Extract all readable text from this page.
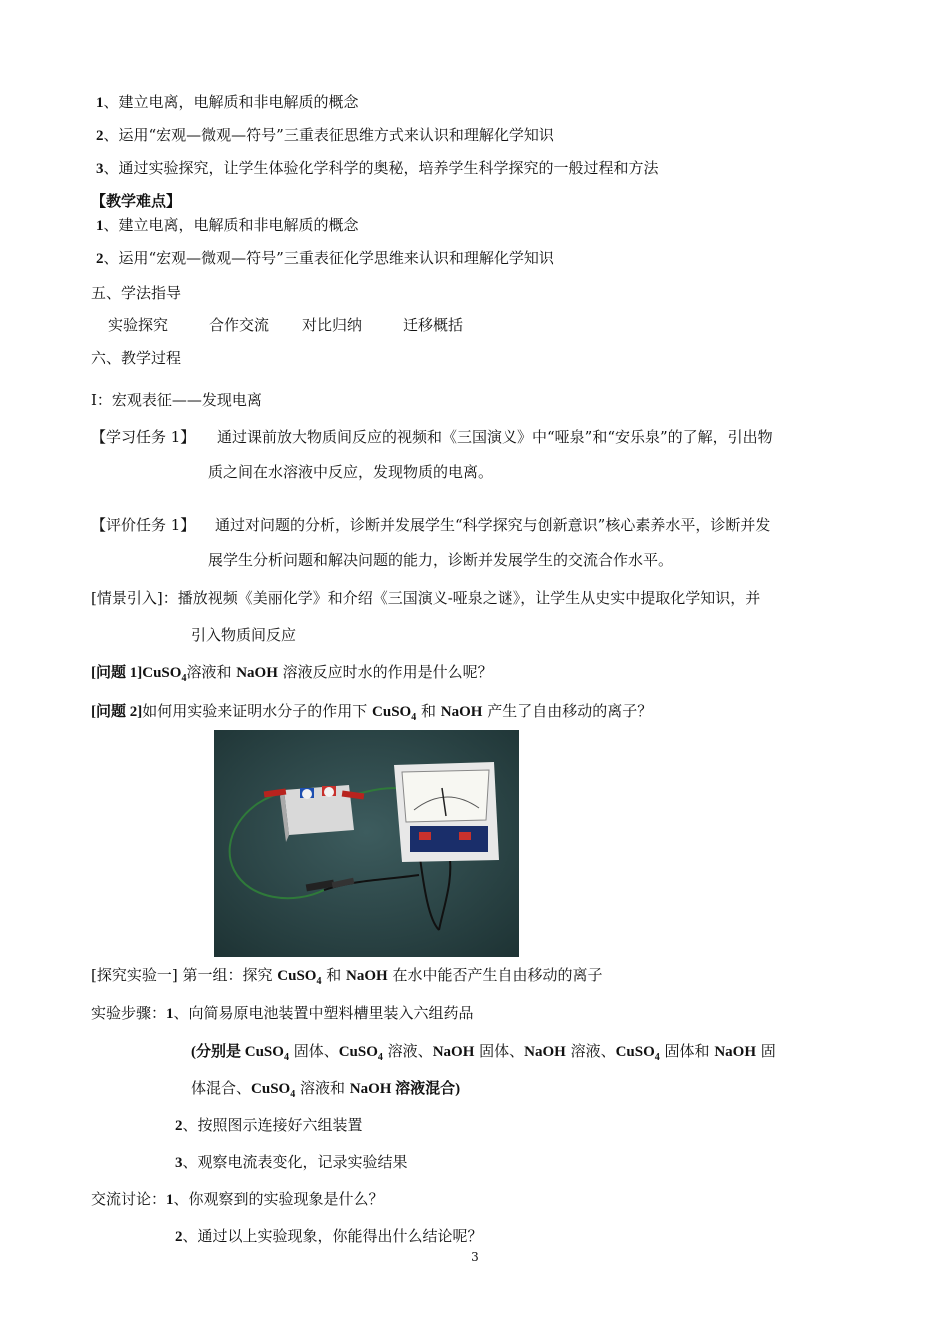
1、建立电离，电解质和非电解质的概念
2、运用“宏观—微观—符号”三重表征思维方式来认识和理解化学知识
3、通过实验探究，让学生体验化学科学的奥秘，培养学生科学探究的一般过程和方法
【教学难点】
1、建立电离，电解质和非电解质的概念
2、运用“宏观—微观—符号”三重表征化学思维来认识和理解化学知识
五、学法指导
实验探究	合作交流 对比归纳	迁移概括
六、教学过程
Ⅰ：宏观表征——发现电离
【学习任务 1】 通过课前放大物质间反应的视频和《三国演义》中“哑泉”和“安乐泉”的了解，引出物
质之间在水溶液中反应，发现物质的电离。
【评价任务 1】 通过对问题的分析，诊断并发展学生“科学探究与创新意识”核心素养水平，诊断并发
展学生分析问题和解决问题的能力，诊断并发展学生的交流合作水平。
[情景引入]：播放视频《美丽化学》和介绍《三国演义-哑泉之谜》，让学生从史实中提取化学知识，并
引入物质间反应
[问题 1]CuSO$_4$溶液和 NaOH 溶液反应时水的作用是什么呢？
[问题 2]如何用实验来证明水分子的作用下 CuSO$_4$ 和 NaOH 产生了自由移动的离子？
[探究实验一] 第一组：探究 CuSO$_4$ 和 NaOH 在水中能否产生自由移动的离子
实验步骤：1、向简易原电池装置中塑料槽里装入六组药品
(分别是 CuSO$_4$ 固体、CuSO$_4$ 溶液、NaOH 固体、NaOH 溶液、CuSO$_4$ 固体和 NaOH 固
体混合、CuSO$_4$ 溶液和 NaOH 溶液混合)
2、按照图示连接好六组装置
3、观察电流表变化，记录实验结果
交流讨论：1、你观察到的实验现象是什么？
2、通过以上实验现象，你能得出什么结论呢？
3
